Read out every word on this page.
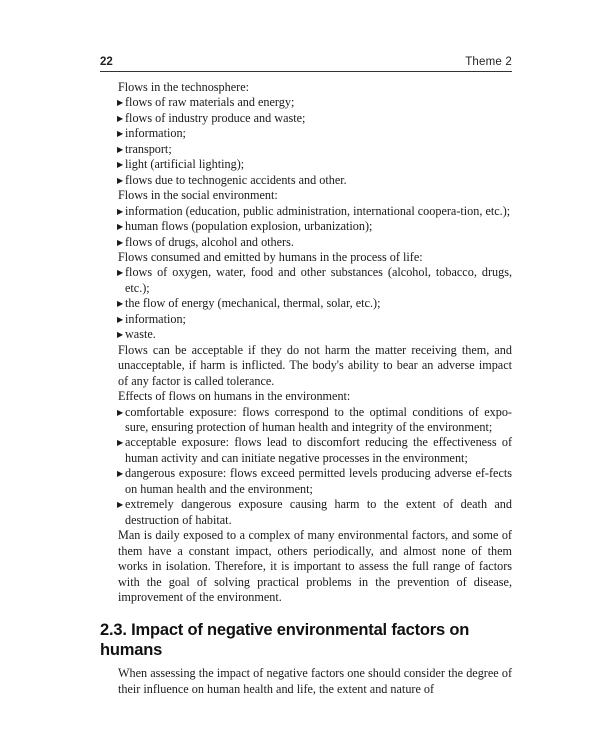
22	Theme 2

Flows in the technosphere:

▶ flows of raw materials and energy;

▶ flows of industry produce and waste;

▶ information;

▶ transport;

▶ light (artificial lighting);

▶ flows due to technogenic accidents and other.

Flows in the social environment:

▶ information (education, public administration, international coopera-tion, etc.);

▶ human flows (population explosion, urbanization);

▶ flows of drugs, alcohol and others.

Flows consumed and emitted by humans in the process of life:

▶ flows of oxygen, water, food and other substances (alcohol, tobacco, drugs, etc.);

▶ the flow of energy (mechanical, thermal, solar, etc.);

▶ information;

▶ waste.

Flows can be acceptable if they do not harm the matter receiving them, and unacceptable, if harm is inflicted. The body's ability to bear an adverse impact of any factor is called tolerance.

Effects of flows on humans in the environment:

▶ comfortable exposure: flows correspond to the optimal conditions of expo-sure, ensuring protection of human health and integrity of the environment;

▶ acceptable exposure: flows lead to discomfort reducing the effectiveness of human activity and can initiate negative processes in the environment;

▶ dangerous exposure: flows exceed permitted levels producing adverse ef-fects on human health and the environment;

▶ extremely dangerous exposure causing harm to the extent of death and destruction of habitat.

Man is daily exposed to a complex of many environmental factors, and some of them have a constant impact, others periodically, and almost none of them works in isolation. Therefore, it is important to assess the full range of factors with the goal of solving practical problems in the prevention of disease, improvement of the environment.

2.3. Impact of negative environmental factors on humans

When assessing the impact of negative factors one should consider the degree of their influence on human health and life, the extent and nature of
